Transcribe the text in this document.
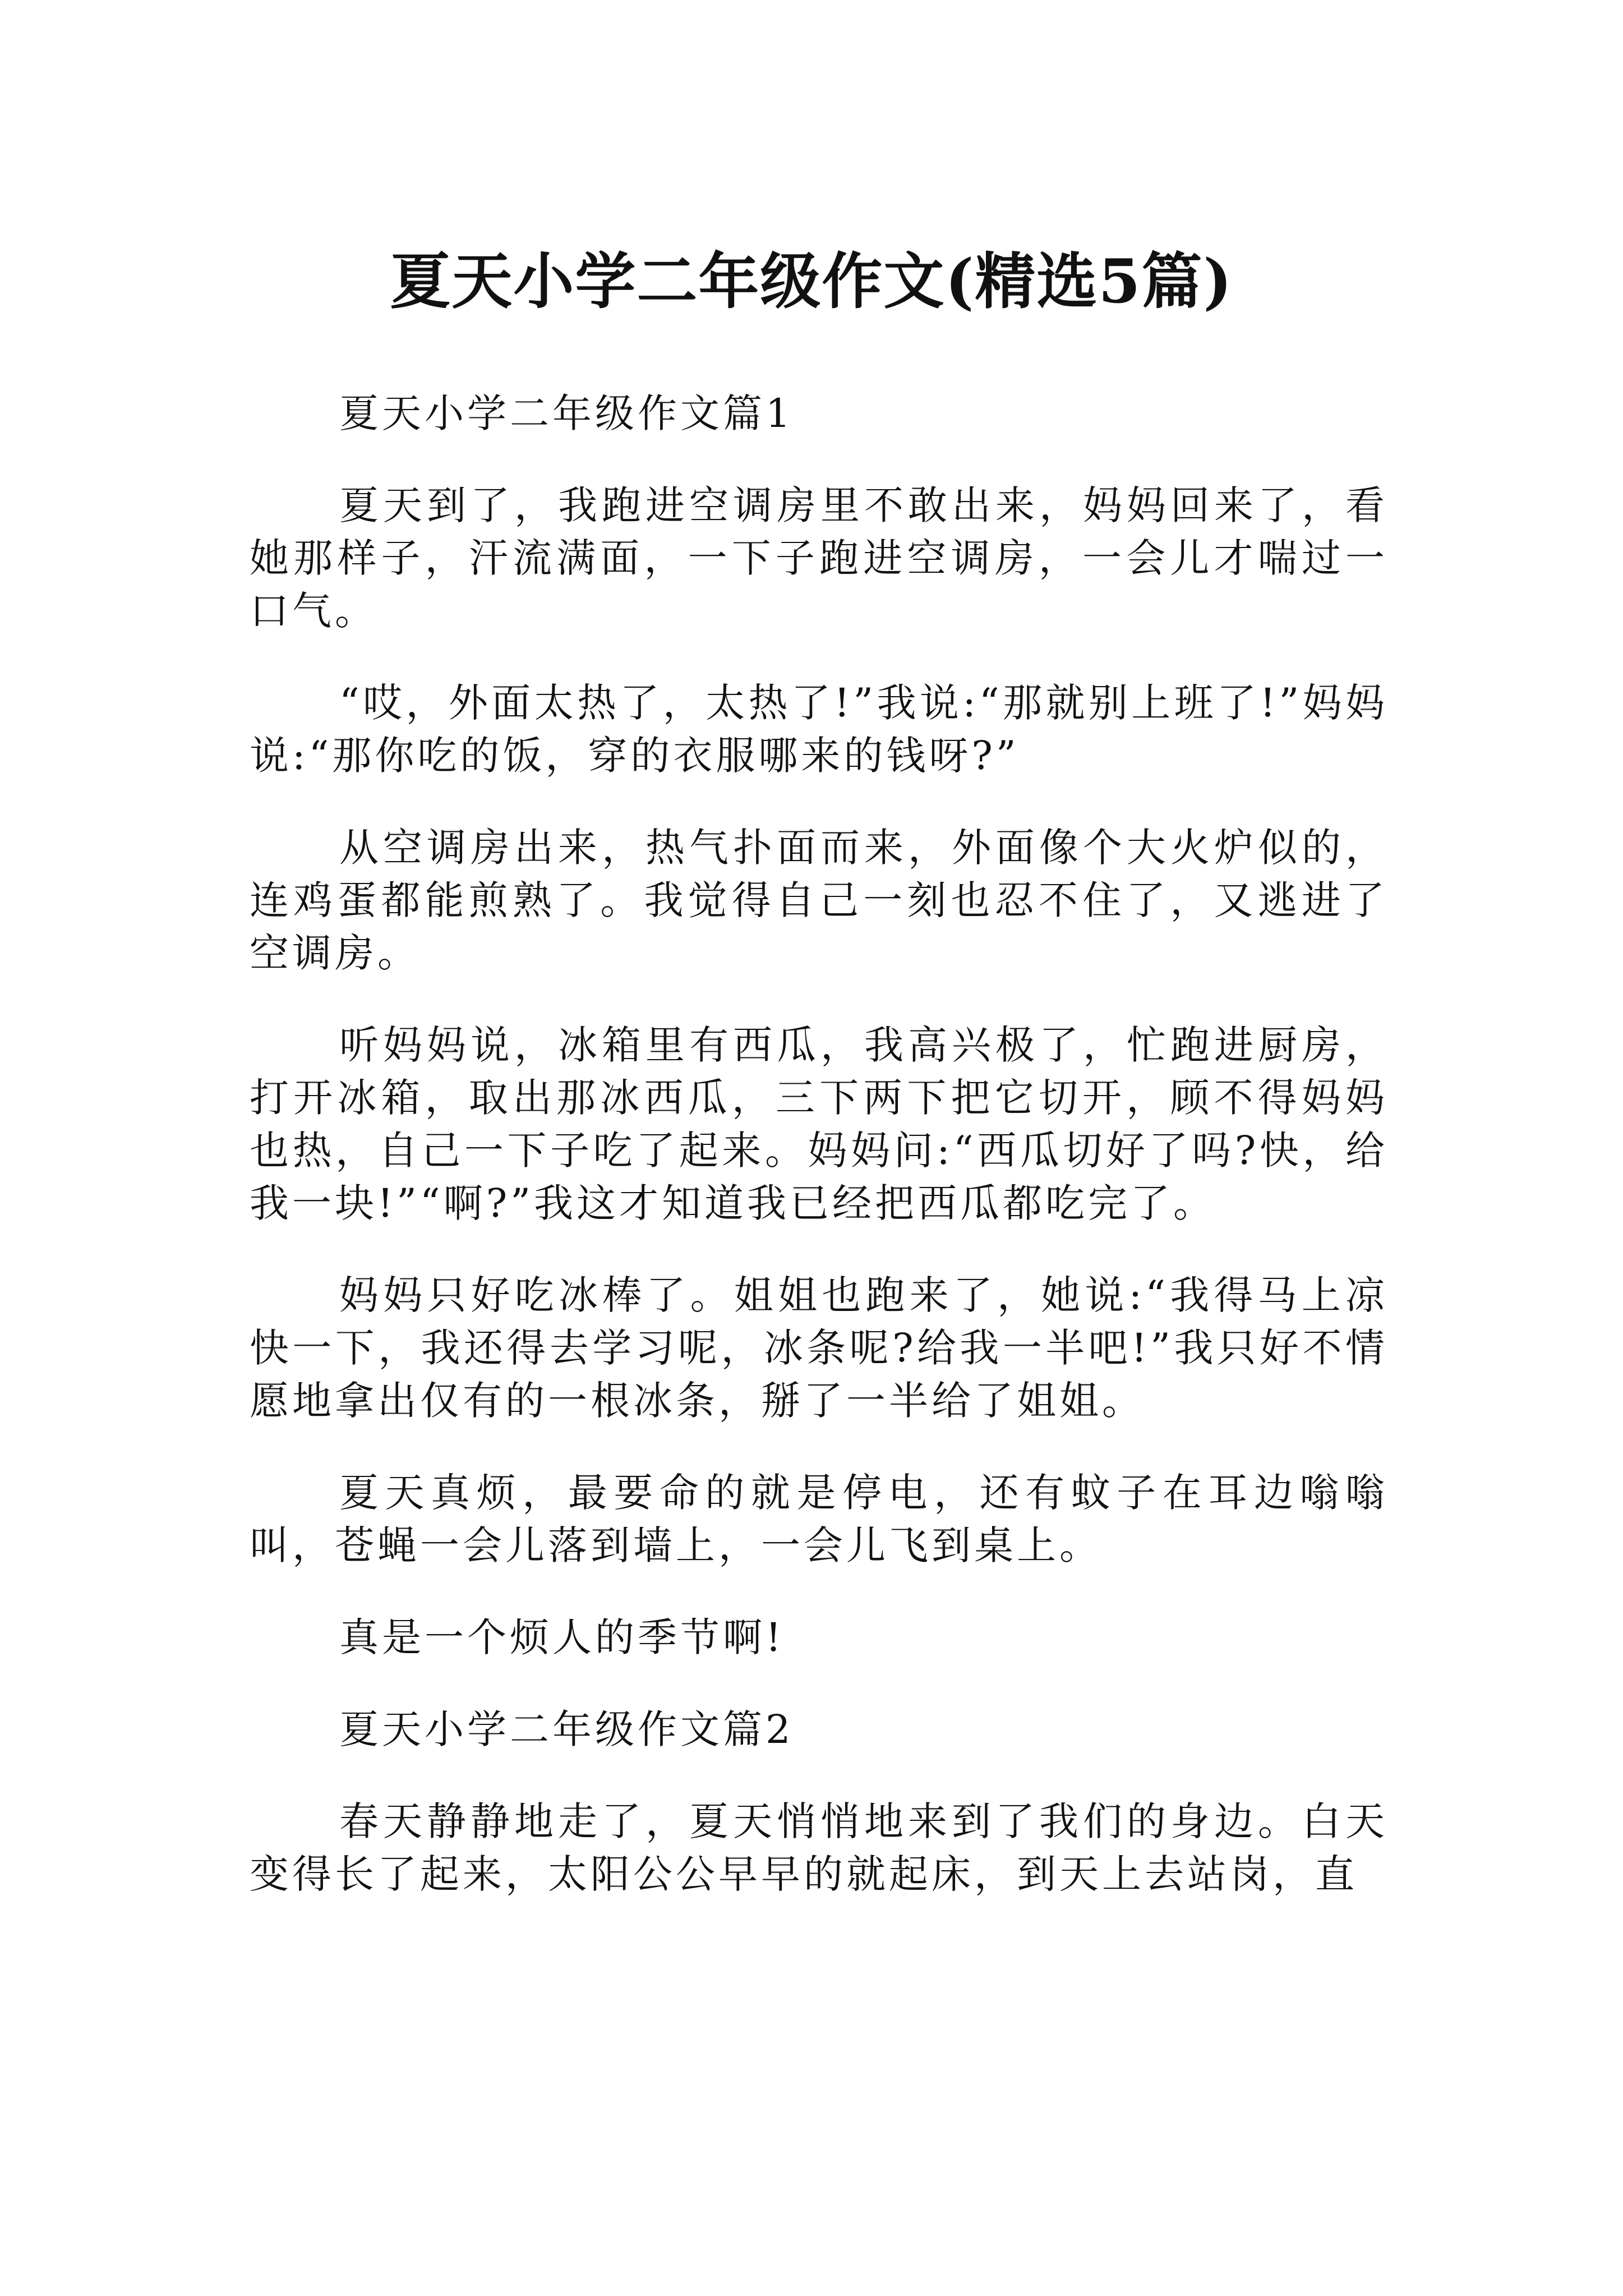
夏天小学二年级作文(精选5篇)

夏天小学二年级作文篇1

夏天到了，我跑进空调房里不敢出来，妈妈回来了，看她那样子，汗流满面，一下子跑进空调房，一会儿才喘过一口气。

“哎，外面太热了，太热了!”我说:“那就别上班了!”妈妈说:“那你吃的饭，穿的衣服哪来的钱呀?”

从空调房出来，热气扑面而来，外面像个大火炉似的，连鸡蛋都能煎熟了。我觉得自己一刻也忍不住了，又逃进了空调房。

听妈妈说，冰箱里有西瓜，我高兴极了，忙跑进厨房，打开冰箱，取出那冰西瓜，三下两下把它切开，顾不得妈妈也热，自己一下子吃了起来。妈妈问:“西瓜切好了吗?快，给我一块!”“啊?”我这才知道我已经把西瓜都吃完了。

妈妈只好吃冰棒了。姐姐也跑来了，她说:“我得马上凉快一下，我还得去学习呢，冰条呢?给我一半吧!”我只好不情愿地拿出仅有的一根冰条，掰了一半给了姐姐。

夏天真烦，最要命的就是停电，还有蚊子在耳边嗡嗡叫，苍蝇一会儿落到墙上，一会儿飞到桌上。

真是一个烦人的季节啊!

夏天小学二年级作文篇2

春天静静地走了，夏天悄悄地来到了我们的身边。白天变得长了起来，太阳公公早早的就起床，到天上去站岗，直
